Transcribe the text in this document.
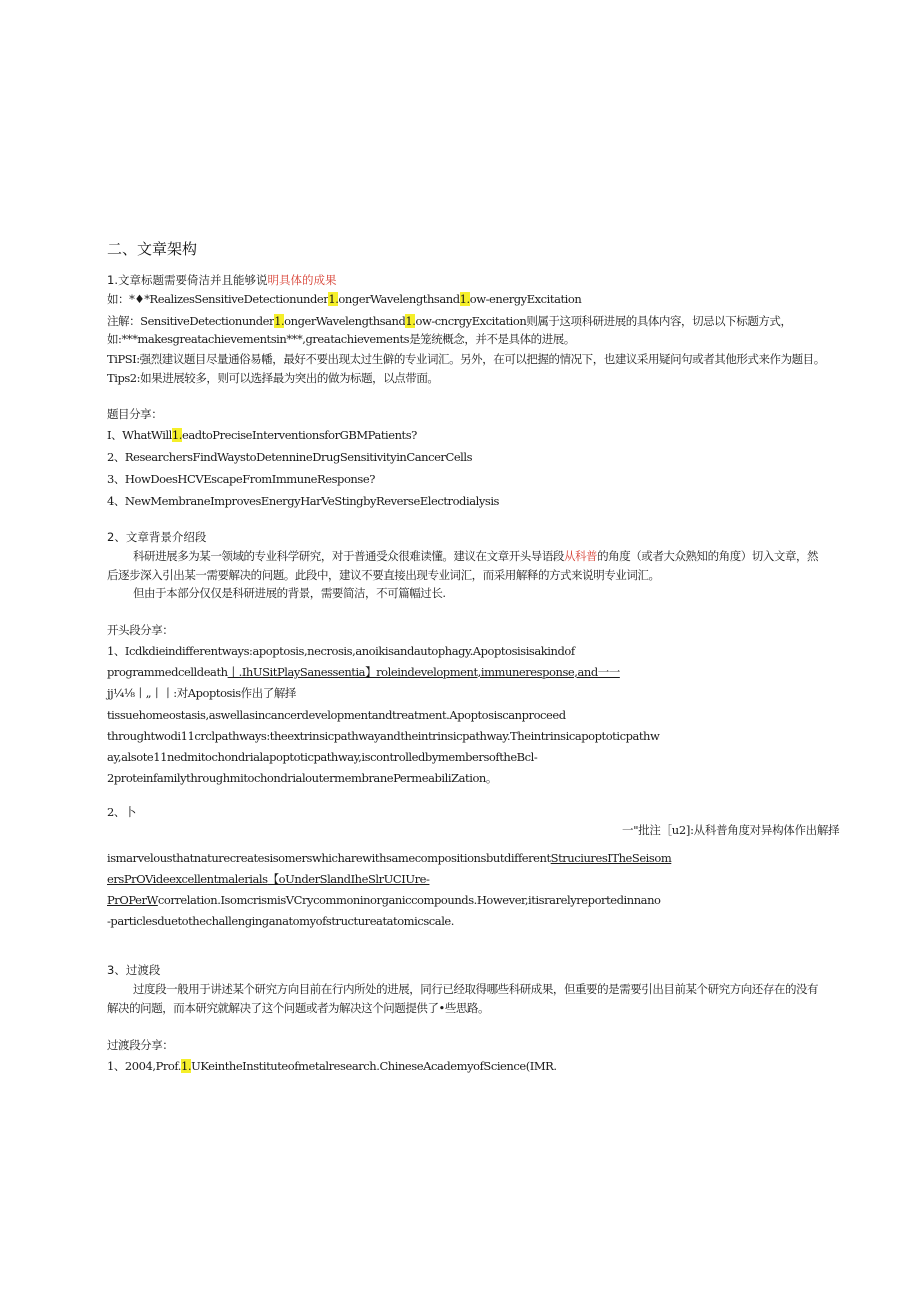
二、文章架构
1.文章标题需要倚洁并且能够说明具体的成果
如：*♦*RealizesSensitiveDetectionunder1.ongerWavelengthsand1.ow-energyExcitation
注解：SensitiveDetectionunder1.ongerWavelengthsand1.ow-cncrgyExcitation则属于这项科研进展的具体内容，切忌以下标题方式，
如:***makesgreatachievementsin***,greatachievements是笼统概念，并不是具体的进展。
TiPSI:强烈建议题目尽量通俗易幡，最好不要出现太过生僻的专业词汇。另外，在可以把握的情况下，也建议采用疑问句或者其他形式来作为题目。
Tips2:如果进展较多，则可以选择最为突出的做为标题，以点带面。
题目分享：
I、WhatWill1.eadtoPreciseInterventionsforGBMPatients?
2、ResearchersFindWaystoDetennineDrugSensitivityinCancerCells
3、HowDoesHCVEscapeFromImmuneResponse?
4、NewMembraneImprovesEnergyHarVeStingbyReverseElectrodialysis
2、文章背景介绍段
科研进展多为某一领域的专业科学研究，对于普通受众很难读懂。建议在文章开头导语段从科普的角度（或者大众熟知的角度）切入文章，然
后逐步深入引出某一需要解决的问题。此段中，建议不要直接出现专业词汇，而采用解释的方式来说明专业词汇。
但由于本部分仅仅是科研进展的背景，需要简洁，不可篇幅过长.
开头段分享：
1、Icdkdieindifferentways:apoptosis,necrosis,anoikisandautophagy.Apoptosisisakindof
programmedcelldeath丨.IhUSitPlaySanessentia】roleindevelopment,immuneresponse,and一一
jj¼⅛丨„丨丨:对Apoptosis作出了解择
tissuehomeostasis,aswellasincancerdevelopmentandtreatment.Apoptosiscanproceed
throughtwodi11crclpathways:theextrinsicpathwayandtheintrinsicpathway.Theintrinsicapoptoticpathw
ay,alsote11nedmitochondrialapoptoticpathway,iscontrolledbymembersoftheBcl-
2proteinfamilythroughmitochondrialoutermembranePermeabiliZation。
2、卜
一"批注［u2]:从科普角度对异构体作出解择
ismarvelousthatnaturecreatesisomerswhicharewithsamecompositionsbutdifferentStruciuresITheSeisom
ersPrOVideexcellentmalerials【oUnderSlandIheSlrUCIUre-
PrOPerWcorrelation.IsomcrismisVCrycommoninorganiccompounds.However,itisrarelyreportedinnano
-particlesduetothechallenginganatomyofstructureatatomicscale.
3、过渡段
过度段一般用于讲述某个研究方向目前在行内所处的进展，同行已经取得哪些科研成果，但重要的是需要引出目前某个研究方向还存在的没有
解决的问题，而本研究就解决了这个问题或者为解决这个问题提供了•些思路。
过渡段分享：
1、2004,Prof.1.UKeintheInstituteofmetalresearch.ChineseAcademyofScience(IMR.
